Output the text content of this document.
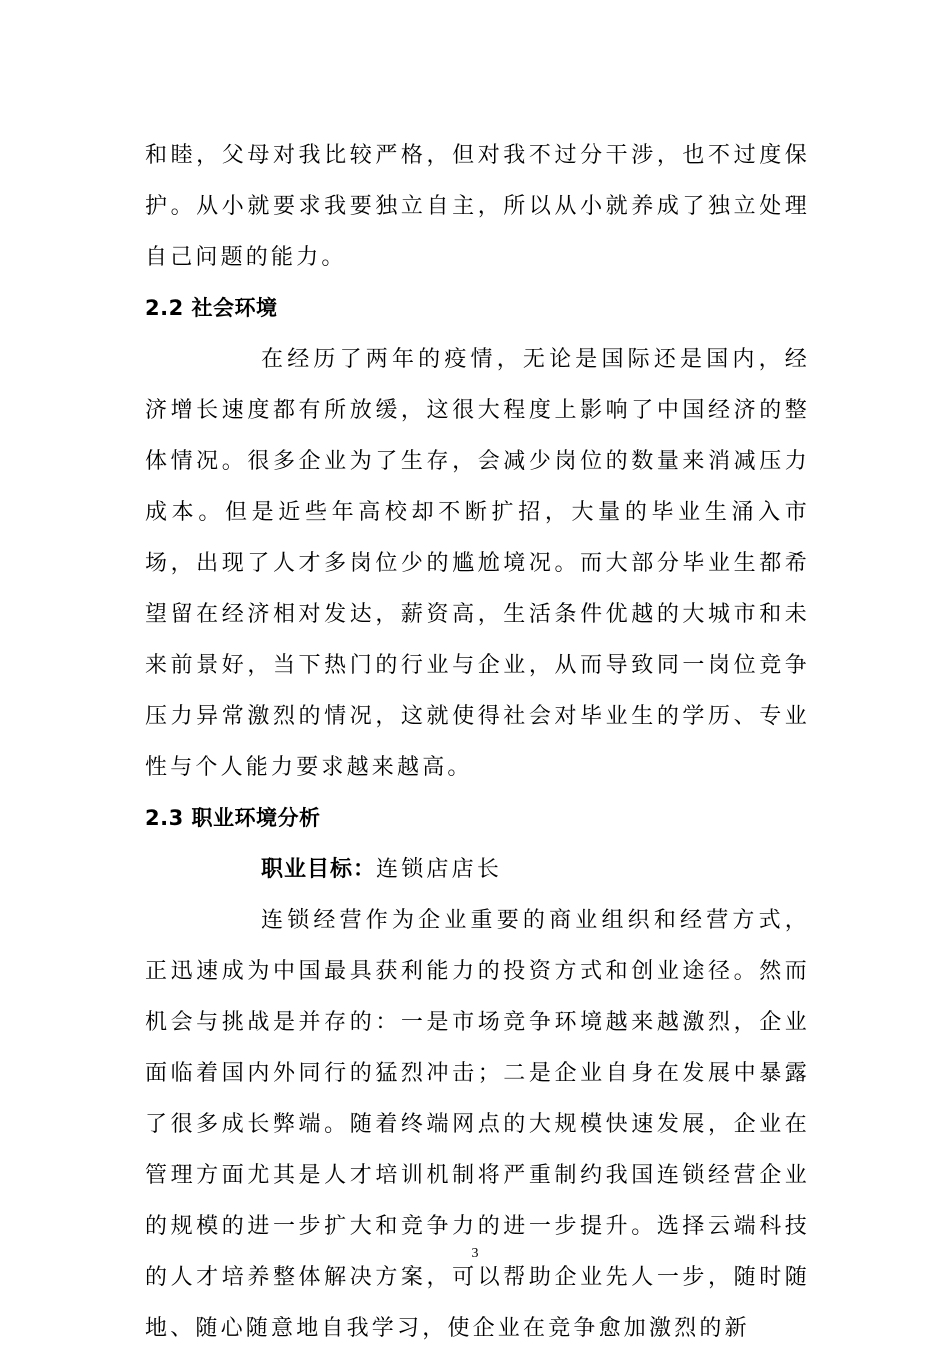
和睦，父母对我比较严格，但对我不过分干涉，也不过度保护。从小就要求我要独立自主，所以从小就养成了独立处理自己问题的能力。

2.2 社会环境

在经历了两年的疫情，无论是国际还是国内，经济增长速度都有所放缓，这很大程度上影响了中国经济的整体情况。很多企业为了生存，会减少岗位的数量来消减压力成本。但是近些年高校却不断扩招，大量的毕业生涌入市场，出现了人才多岗位少的尴尬境况。而大部分毕业生都希望留在经济相对发达，薪资高，生活条件优越的大城市和未来前景好，当下热门的行业与企业，从而导致同一岗位竞争压力异常激烈的情况，这就使得社会对毕业生的学历、专业性与个人能力要求越来越高。

2.3 职业环境分析

职业目标：连锁店店长

连锁经营作为企业重要的商业组织和经营方式，正迅速成为中国最具获利能力的投资方式和创业途径。然而机会与挑战是并存的：一是市场竞争环境越来越激烈，企业面临着国内外同行的猛烈冲击；二是企业自身在发展中暴露了很多成长弊端。随着终端网点的大规模快速发展，企业在管理方面尤其是人才培训机制将严重制约我国连锁经营企业的规模的进一步扩大和竞争力的进一步提升。选择云端科技的人才培养整体解决方案，可以帮助企业先人一步，随时随地、随心随意地自我学习，使企业在竞争愈加激烈的新

3
